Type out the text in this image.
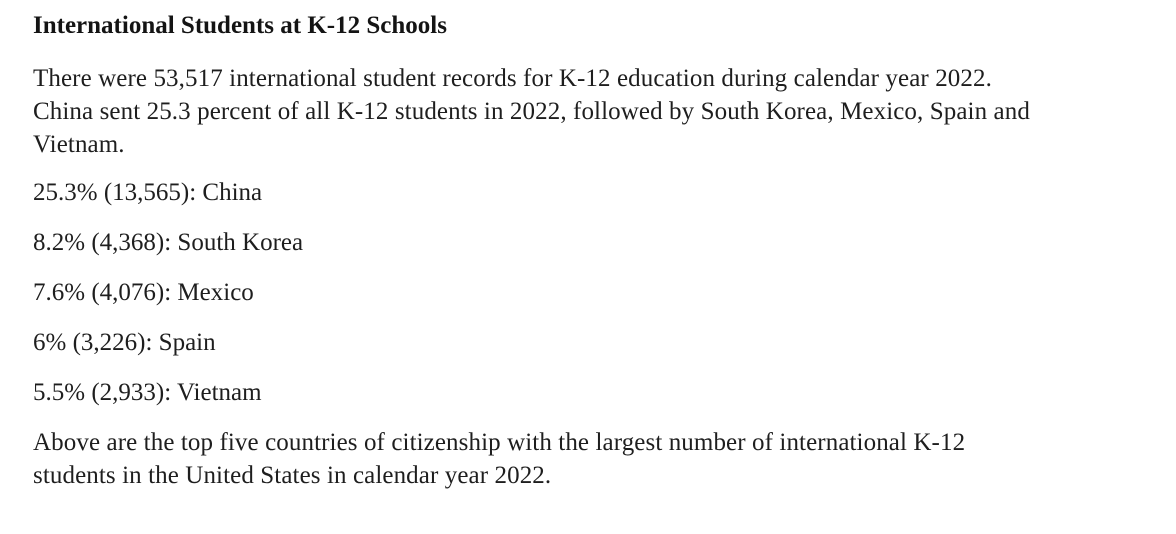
International Students at K-12 Schools

There were 53,517 international student records for K-12 education during calendar year 2022. China sent 25.3 percent of all K-12 students in 2022, followed by South Korea, Mexico, Spain and Vietnam.

25.3% (13,565): China

8.2% (4,368): South Korea

7.6% (4,076): Mexico

6% (3,226): Spain

5.5% (2,933): Vietnam

Above are the top five countries of citizenship with the largest number of international K-12 students in the United States in calendar year 2022.
